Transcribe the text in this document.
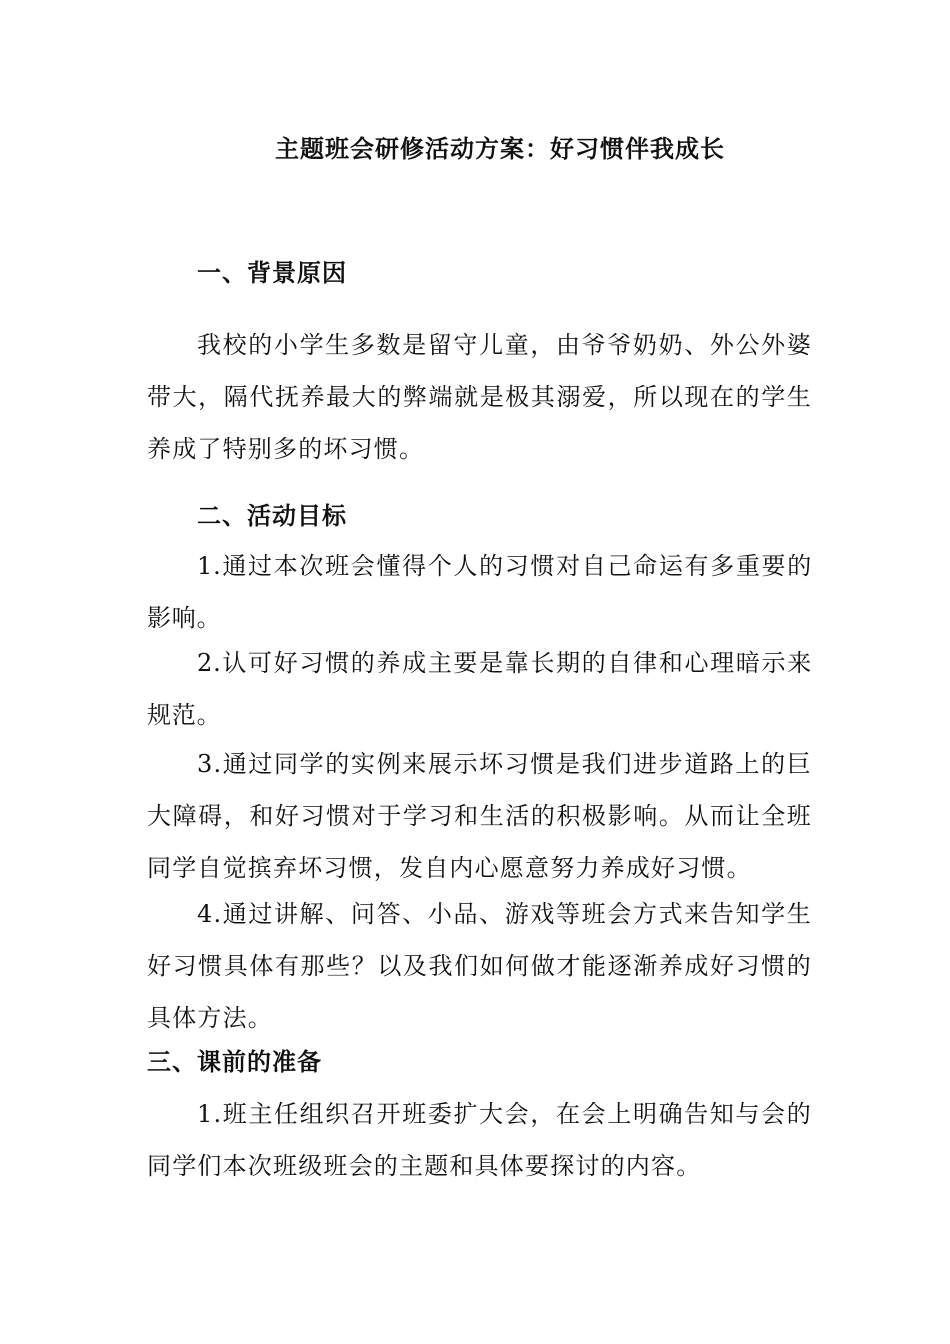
主题班会研修活动方案：好习惯伴我成长
一、背景原因
我校的小学生多数是留守儿童，由爷爷奶奶、外公外婆带大，隔代抚养最大的弊端就是极其溺爱，所以现在的学生养成了特别多的坏习惯。
二、活动目标
1.通过本次班会懂得个人的习惯对自己命运有多重要的影响。
2.认可好习惯的养成主要是靠长期的自律和心理暗示来规范。
3.通过同学的实例来展示坏习惯是我们进步道路上的巨大障碍，和好习惯对于学习和生活的积极影响。从而让全班同学自觉摈弃坏习惯，发自内心愿意努力养成好习惯。
4.通过讲解、问答、小品、游戏等班会方式来告知学生好习惯具体有那些？以及我们如何做才能逐渐养成好习惯的具体方法。
三、课前的准备
1.班主任组织召开班委扩大会，在会上明确告知与会的同学们本次班级班会的主题和具体要探讨的内容。
